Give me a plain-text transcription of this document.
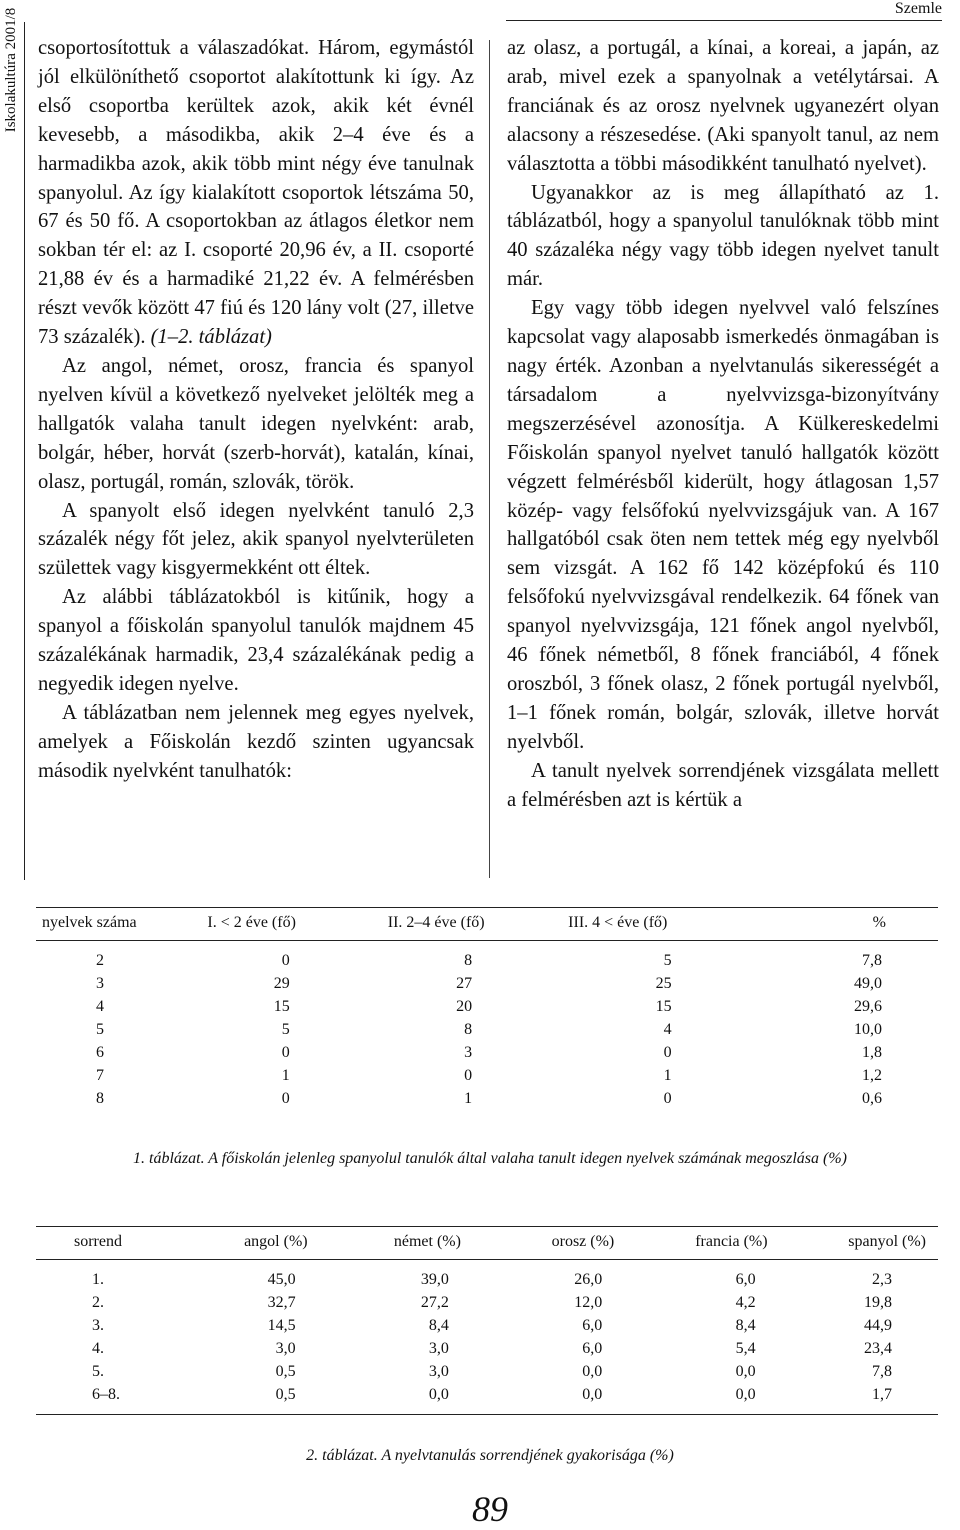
Iskolakultúra 2001/8	Szemle

csoportosítottuk a válaszadókat. Három, egymástól jól elkülöníthető csoportot alakítottunk ki így. Az első csoportba kerültek azok, akik két évnél kevesebb, a másodikba, akik 2–4 éve és a harmadikba azok, akik több mint négy éve tanulnak spanyolul. Az így kialakított csoportok létszáma 50, 67 és 50 fő. A csoportokban az átlagos életkor nem sokban tér el: az I. csoporté 20,96 év, a II. csoporté 21,88 év és a harmadiké 21,22 év. A felmérésben részt vevők között 47 fiú és 120 lány volt (27, illetve 73 százalék). (1–2. táblázat)

Az angol, német, orosz, francia és spanyol nyelven kívül a következő nyelveket jelölték meg a hallgatók valaha tanult idegen nyelvként: arab, bolgár, héber, horvát (szerb-horvát), katalán, kínai, olasz, portugál, román, szlovák, török.

A spanyolt első idegen nyelvként tanuló 2,3 százalék négy főt jelez, akik spanyol nyelvterületen születtek vagy kisgyermekként ott éltek.

Az alábbi táblázatokból is kitűnik, hogy a spanyol a főiskolán spanyolul tanulók majdnem 45 százalékának harmadik, 23,4 százalékának pedig a negyedik idegen nyelve.

A táblázatban nem jelennek meg egyes nyelvek, amelyek a Főiskolán kezdő szinten ugyancsak második nyelvként tanulhatók:

az olasz, a portugál, a kínai, a koreai, a japán, az arab, mivel ezek a spanyolnak a vetélytársai. A franciának és az orosz nyelvnek ugyanezért olyan alacsony a részesedése. (Aki spanyolt tanul, az nem választotta a többi másodikként tanulható nyelvet).

Ugyanakkor az is meg állapítható az 1. táblázatból, hogy a spanyolul tanulóknak több mint 40 százaléka négy vagy több idegen nyelvet tanult már.

Egy vagy több idegen nyelvvel való felszínes kapcsolat vagy alaposabb ismerkedés önmagában is nagy érték. Azonban a nyelvtanulás sikerességét a társadalom a nyelvvizsga-bizonyítvány megszerzésével azonosítja. A Külkereskedelmi Főiskolán spanyol nyelvet tanuló hallgatók között végzett felmérésből kiderült, hogy átlagosan 1,57 közép- vagy felsőfokú nyelvvizsgájuk van. A 167 hallgatóból csak öten nem tettek még egy nyelvből sem vizsgát. A 162 fő 142 középfokú és 110 felsőfokú nyelvvizsgával rendelkezik. 64 főnek van spanyol nyelvvizsgája, 121 főnek angol nyelvből, 46 főnek németből, 8 főnek franciából, 4 főnek oroszból, 3 főnek olasz, 2 főnek portugál nyelvből, 1–1 főnek román, bolgár, szlovák, illetve horvát nyelvből.

A tanult nyelvek sorrendjének vizsgálata mellett a felmérésben azt is kértük a

nyelvek száma	I. < 2 éve (fő)	II. 2–4 éve (fő)	III. 4 < éve (fő)	%
2	0	8	5	7,8
3	29	27	25	49,0
4	15	20	15	29,6
5	5	8	4	10,0
6	0	3	0	1,8
7	1	0	1	1,2
8	0	1	0	0,6
1. táblázat. A főiskolán jelenleg spanyolul tanulók által valaha tanult idegen nyelvek számának megoszlása (%)
sorrend	angol (%)	német (%)	orosz (%)	francia (%)	spanyol (%)
1.	45,0	39,0	26,0	6,0	2,3
2.	32,7	27,2	12,0	4,2	19,8
3.	14,5	8,4	6,0	8,4	44,9
4.	3,0	3,0	6,0	5,4	23,4
5.	0,5	3,0	0,0	0,0	7,8
6–8.	0,5	0,0	0,0	0,0	1,7
2. táblázat. A nyelvtanulás sorrendjének gyakorisága (%)
89
